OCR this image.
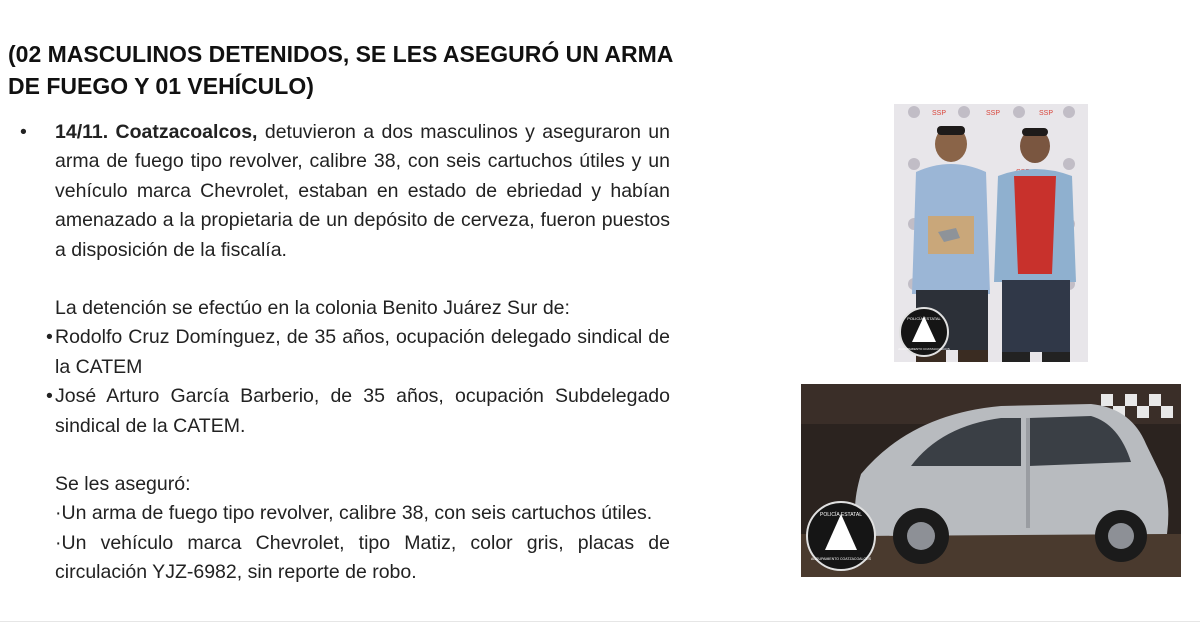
(02 MASCULINOS DETENIDOS, SE LES ASEGURÓ UN ARMA DE FUEGO Y 01 VEHÍCULO)
• 14/11. Coatzacoalcos, detuvieron a dos masculinos y aseguraron un arma de fuego tipo revolver, calibre 38, con seis cartuchos útiles y un vehículo marca Chevrolet, estaban en estado de ebriedad y habían amenazado a la propietaria de un depósito de cerveza, fueron puestos a disposición de la fiscalía.
La detención se efectúo en la colonia Benito Juárez Sur de:
• Rodolfo Cruz Domínguez, de 35 años, ocupación delegado sindical de la CATEM
• José Arturo García Barberio, de 35 años, ocupación Subdelegado sindical de la CATEM.
Se les aseguró:
·Un arma de fuego tipo revolver, calibre 38, con seis cartuchos útiles.
·Un vehículo marca Chevrolet, tipo Matiz, color gris, placas de circulación YJZ-6982, sin reporte de robo.
SSP	SSP	SSP
POLICÍA ESTATAL
AGRUPAMIENTO COATZACOALCOS
POLICÍA ESTATAL
AGRUPAMIENTO COATZACOALCOS
